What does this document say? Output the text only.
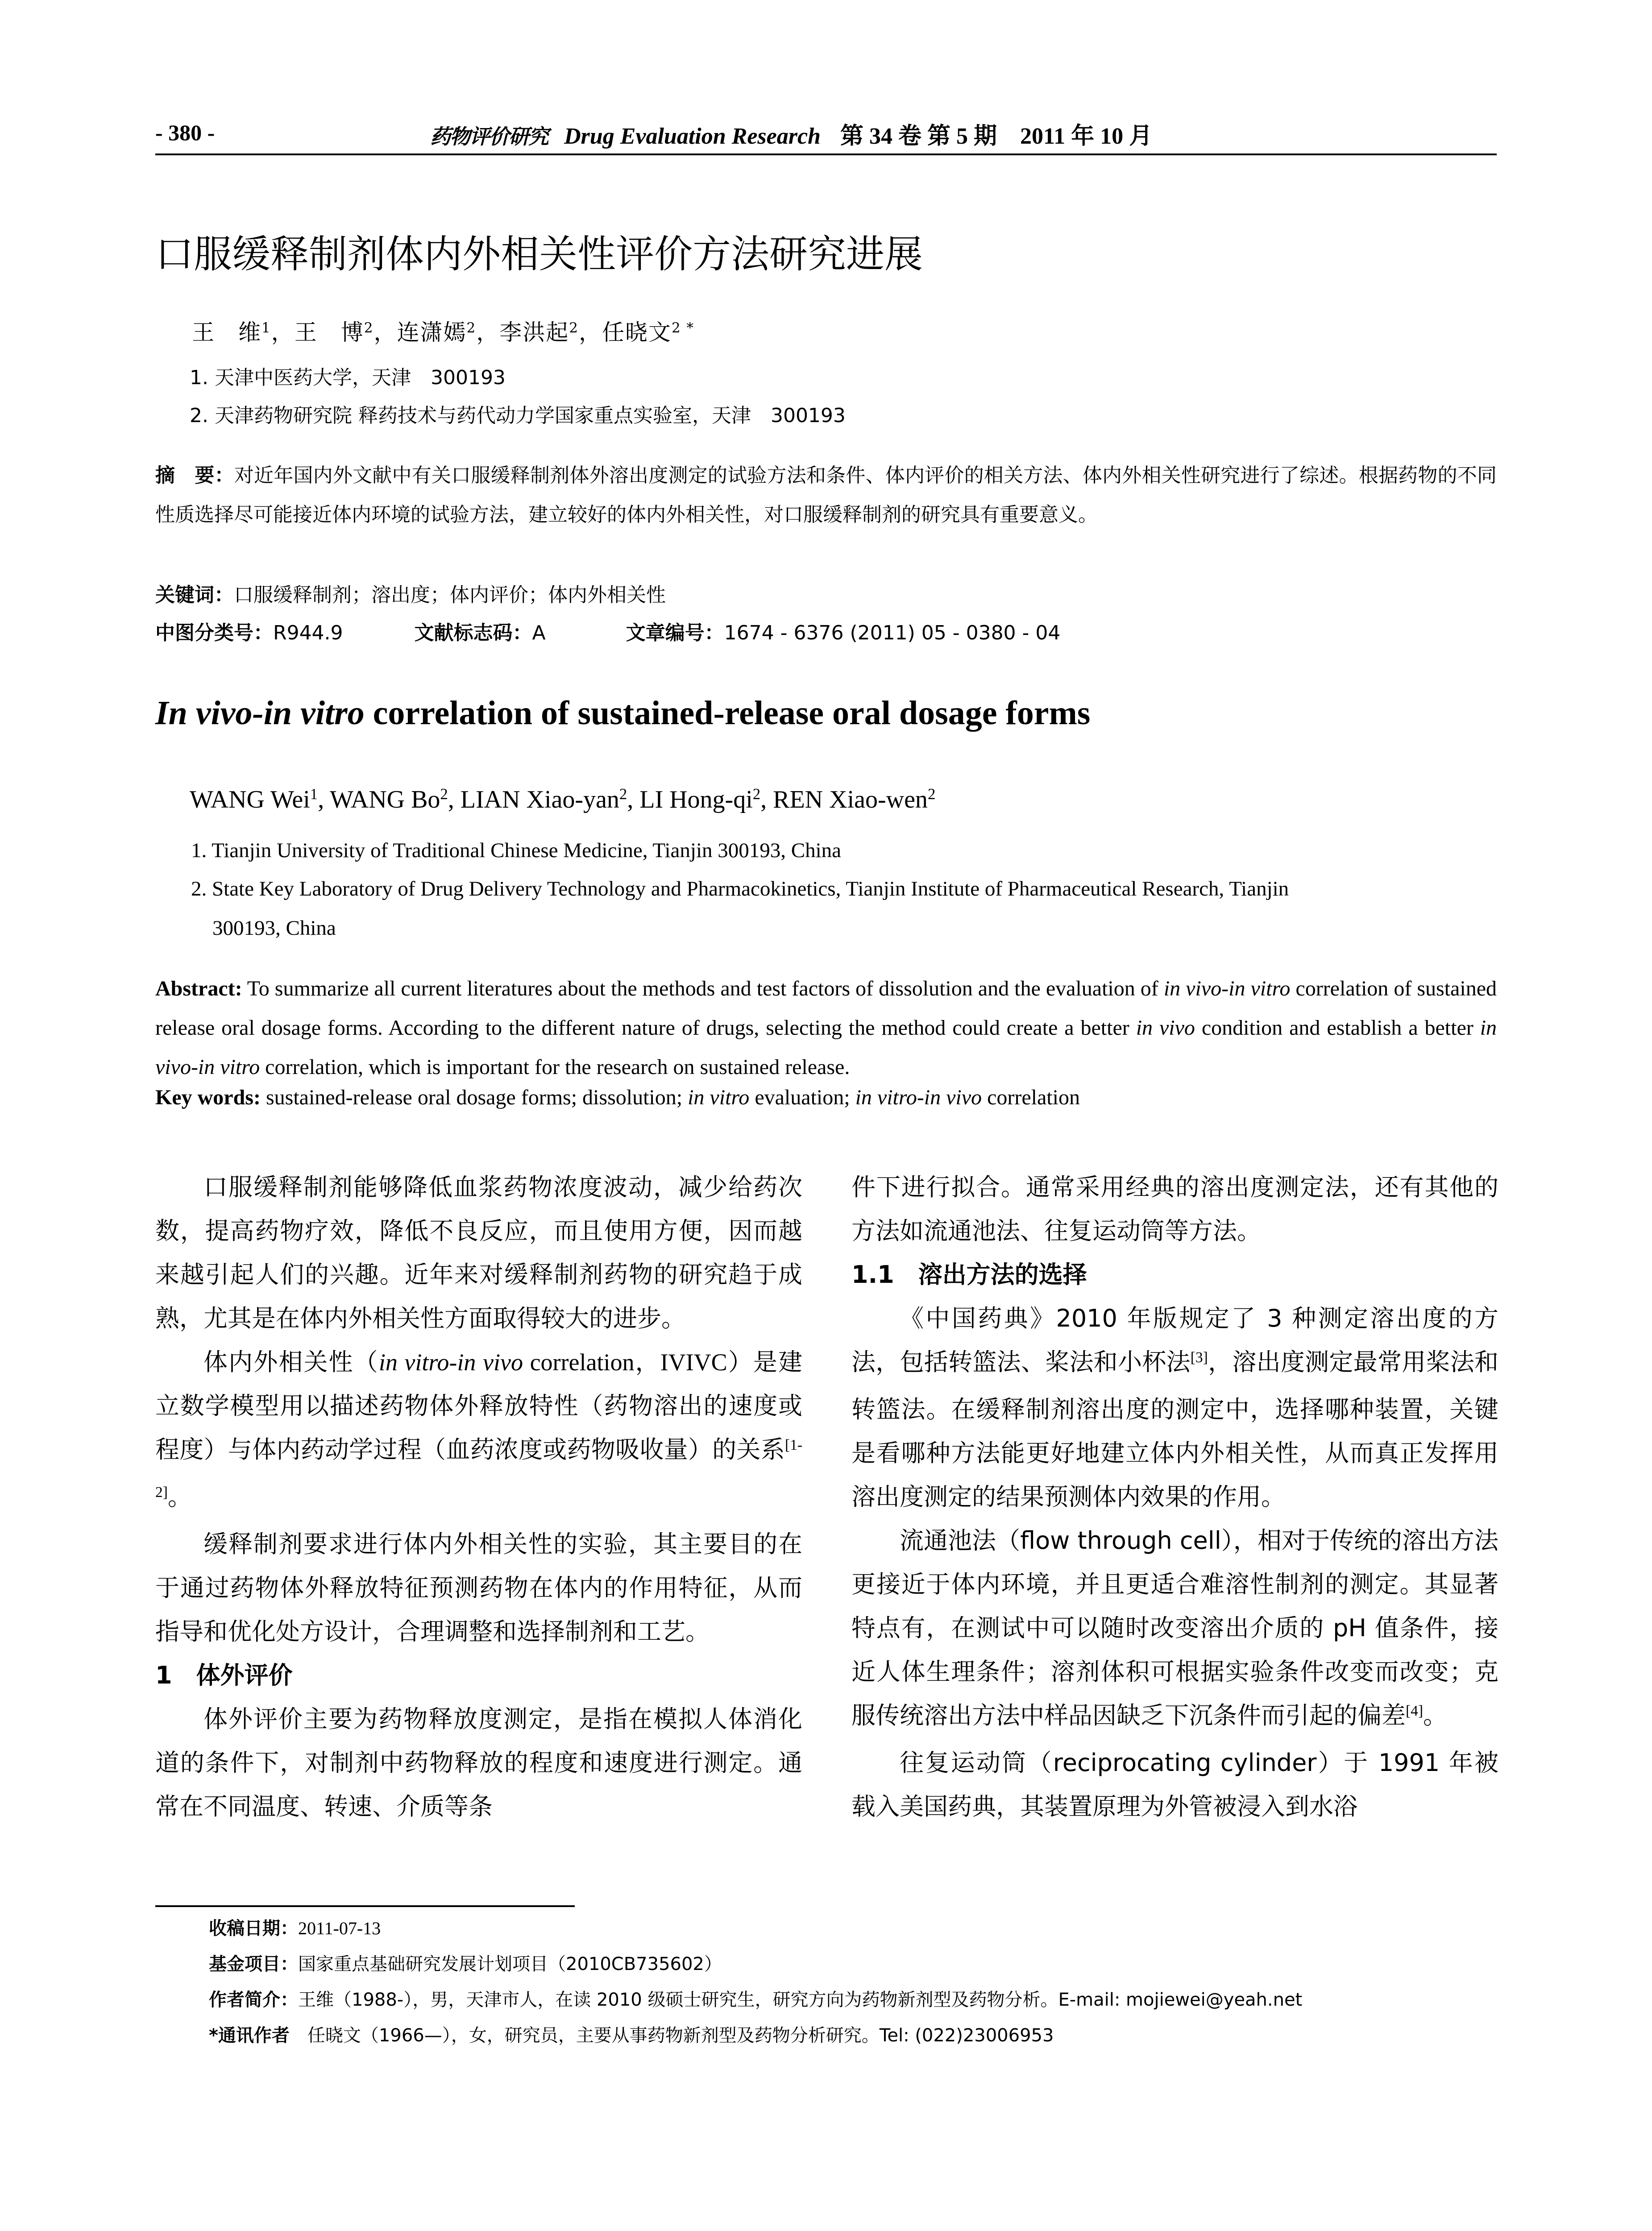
- 380 -	药物评价研究 Drug Evaluation Research 第 34 卷 第 5 期　2011 年 10 月
口服缓释制剂体内外相关性评价方法研究进展
王　维$^1$，王　博$^2$，连潇嫣$^2$，李洪起$^2$，任晓文$^{2 *}$
1. 天津中医药大学，天津　300193
2. 天津药物研究院 释药技术与药代动力学国家重点实验室，天津　300193
摘　要：对近年国内外文献中有关口服缓释制剂体外溶出度测定的试验方法和条件、体内评价的相关方法、体内外相关性研究进行了综述。根据药物的不同性质选择尽可能接近体内环境的试验方法，建立较好的体内外相关性，对口服缓释制剂的研究具有重要意义。
关键词：口服缓释制剂；溶出度；体内评价；体内外相关性
中图分类号：R944.9	文献标志码：A	文章编号：1674 - 6376 (2011) 05 - 0380 - 04
In vivo-in vitro correlation of sustained-release oral dosage forms
WANG Wei$^1$, WANG Bo$^2$, LIAN Xiao-yan$^2$, LI Hong-$qi^2$, REN Xiao-wen$^2$
1. Tianjin University of Traditional Chinese Medicine, Tianjin 300193, China
2. State Key Laboratory of Drug Delivery Technology and Pharmacokinetics, Tianjin Institute of Pharmaceutical Research, Tianjin
300193, China
Abstract: To summarize all current literatures about the methods and test factors of dissolution and the evaluation of in vivo-in vitro correlation of sustained release oral dosage forms. According to the different nature of drugs, selecting the method could create a better in vivo condition and establish a better in vivo-in vitro correlation, which is important for the research on sustained release.
Key words: sustained-release oral dosage forms; dissolution; in vitro evaluation; in vitro-in vivo correlation

口服缓释制剂能够降低血浆药物浓度波动，减少给药次数，提高药物疗效，降低不良反应，而且使用方便，因而越来越引起人们的兴趣。近年来对缓释制剂药物的研究趋于成熟，尤其是在体内外相关性方面取得较大的进步。

体内外相关性（in vitro-in vivo correlation，IVIVC）是建立数学模型用以描述药物体外释放特性（药物溶出的速度或程度）与体内药动学过程（血药浓度或药物吸收量）的关系[1-2]。

缓释制剂要求进行体内外相关性的实验，其主要目的在于通过药物体外释放特征预测药物在体内的作用特征，从而指导和优化处方设计，合理调整和选择制剂和工艺。

1　体外评价

体外评价主要为药物释放度测定，是指在模拟人体消化道的条件下，对制剂中药物释放的程度和速度进行测定。通常在不同温度、转速、介质等条

件下进行拟合。通常采用经典的溶出度测定法，还有其他的方法如流通池法、往复运动筒等方法。

1.1　溶出方法的选择

《中国药典》2010 年版规定了 3 种测定溶出度的方法，包括转篮法、桨法和小杯法[3]，溶出度测定最常用桨法和转篮法。在缓释制剂溶出度的测定中，选择哪种装置，关键是看哪种方法能更好地建立体内外相关性，从而真正发挥用溶出度测定的结果预测体内效果的作用。

流通池法（flow through cell），相对于传统的溶出方法更接近于体内环境，并且更适合难溶性制剂的测定。其显著特点有，在测试中可以随时改变溶出介质的 pH 值条件，接近人体生理条件；溶剂体积可根据实验条件改变而改变；克服传统溶出方法中样品因缺乏下沉条件而引起的偏差[4]。

往复运动筒（reciprocating cylinder）于 1991 年被载入美国药典，其装置原理为外管被浸入到水浴

收稿日期：2011-07-13
基金项目：国家重点基础研究发展计划项目（2010CB735602）
作者简介：王维（1988-），男，天津市人，在读 2010 级硕士研究生，研究方向为药物新剂型及药物分析。E-mail: mojiewei@yeah.net
*通讯作者　任晓文（1966—），女，研究员，主要从事药物新剂型及药物分析研究。Tel: (022)23006953
